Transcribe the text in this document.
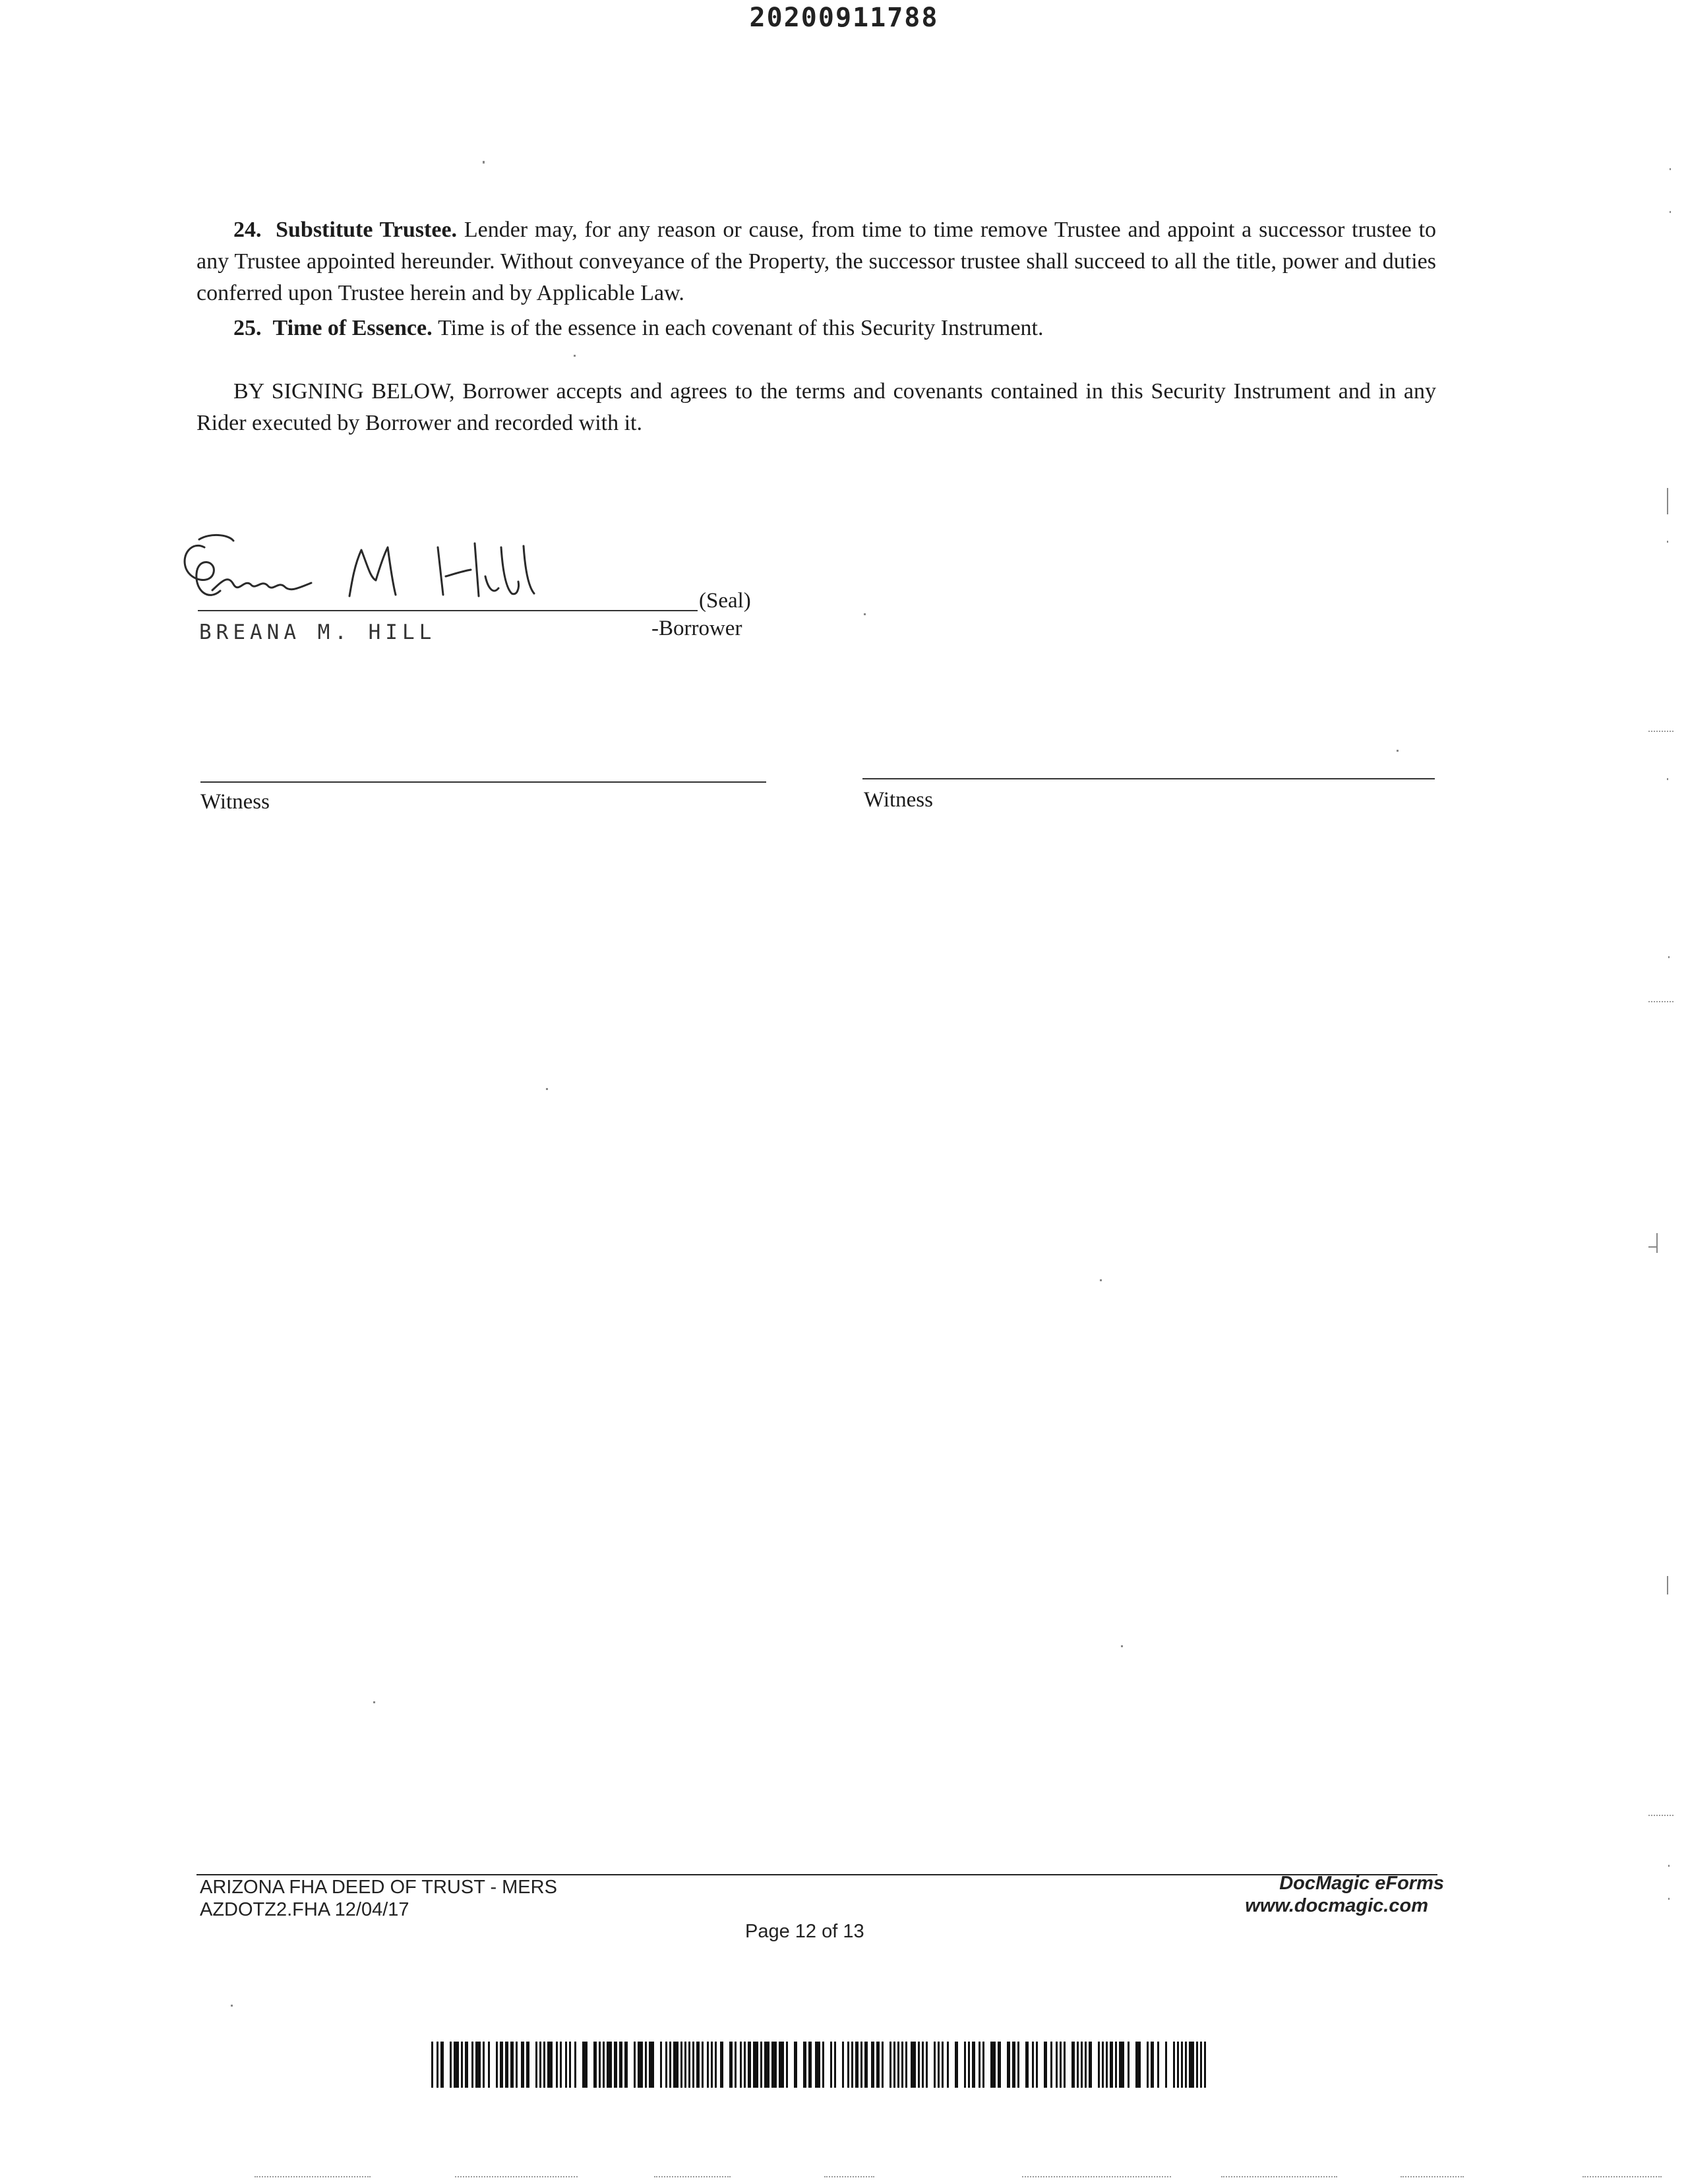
20200911788

24. Substitute Trustee. Lender may, for any reason or cause, from time to time remove Trustee and appoint a successor trustee to any Trustee appointed hereunder. Without conveyance of the Property, the successor trustee shall succeed to all the title, power and duties conferred upon Trustee herein and by Applicable Law.

25. Time of Essence. Time is of the essence in each covenant of this Security Instrument.

BY SIGNING BELOW, Borrower accepts and agrees to the terms and covenants contained in this Security Instrument and in any Rider executed by Borrower and recorded with it.

(Seal)
BREANA M. HILL	-Borrower
Witness	Witness
ARIZONA FHA DEED OF TRUST - MERS
AZDOTZ2.FHA 12/04/17
Page 12 of 13
DocMagic eForms
www.docmagic.com
